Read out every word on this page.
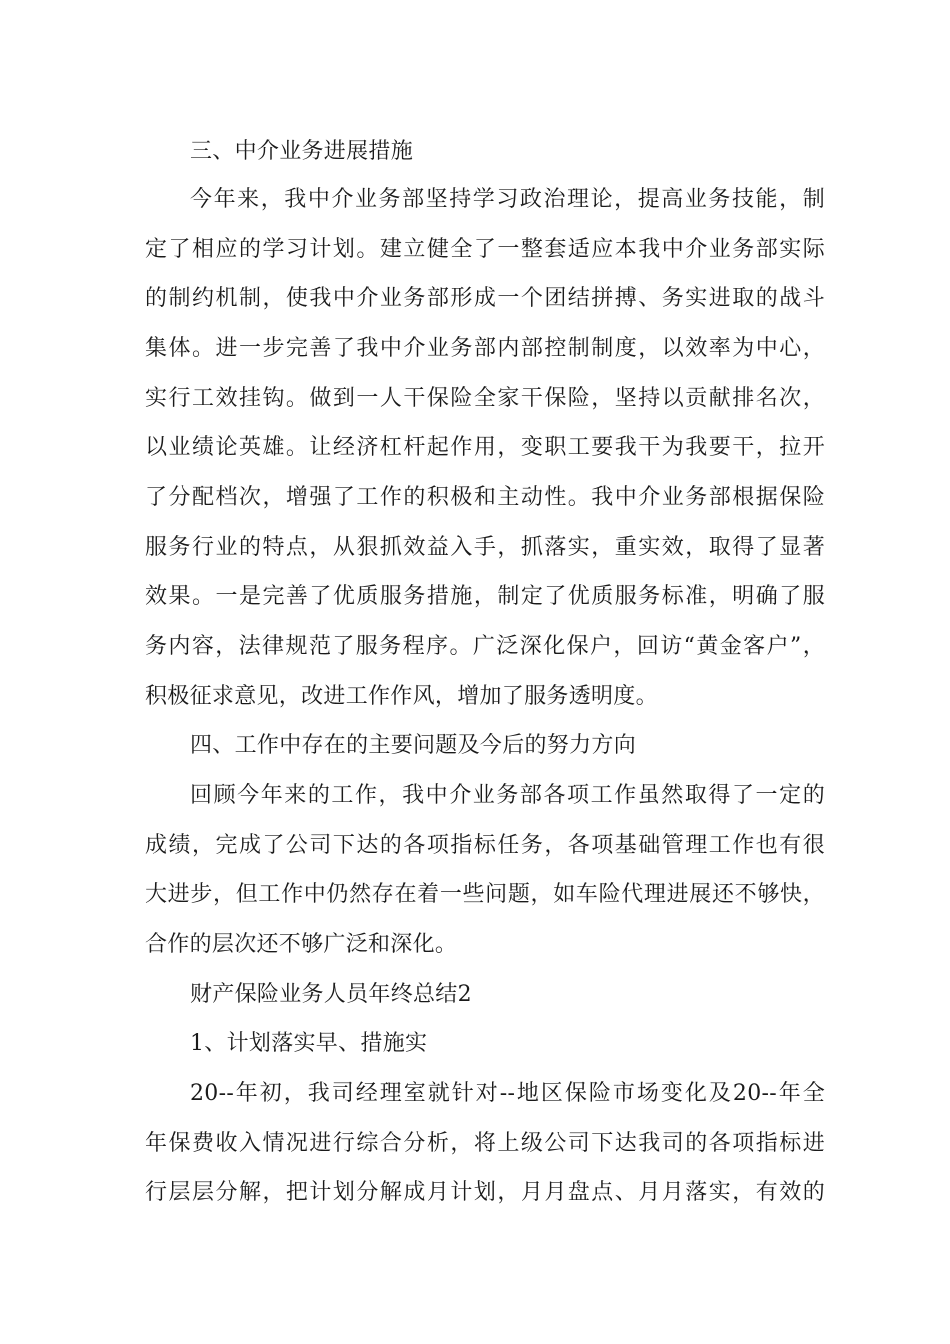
三、中介业务进展措施
今年来，我中介业务部坚持学习政治理论，提高业务技能，制
定了相应的学习计划。建立健全了一整套适应本我中介业务部实际
的制约机制，使我中介业务部形成一个团结拼搏、务实进取的战斗
集体。进一步完善了我中介业务部内部控制制度，以效率为中心，
实行工效挂钩。做到一人干保险全家干保险，坚持以贡献排名次，
以业绩论英雄。让经济杠杆起作用，变职工要我干为我要干，拉开
了分配档次，增强了工作的积极和主动性。我中介业务部根据保险
服务行业的特点，从狠抓效益入手，抓落实，重实效，取得了显著
效果。一是完善了优质服务措施，制定了优质服务标准，明确了服
务内容，法律规范了服务程序。广泛深化保户，回访“黄金客户”，
积极征求意见，改进工作作风，增加了服务透明度。
四、工作中存在的主要问题及今后的努力方向
回顾今年来的工作，我中介业务部各项工作虽然取得了一定的
成绩，完成了公司下达的各项指标任务，各项基础管理工作也有很
大进步，但工作中仍然存在着一些问题，如车险代理进展还不够快，
合作的层次还不够广泛和深化。
财产保险业务人员年终总结2
1、计划落实早、措施实
20--年初，我司经理室就针对--地区保险市场变化及20--年全
年保费收入情况进行综合分析，将上级公司下达我司的各项指标进
行层层分解，把计划分解成月计划，月月盘点、月月落实，有效的
